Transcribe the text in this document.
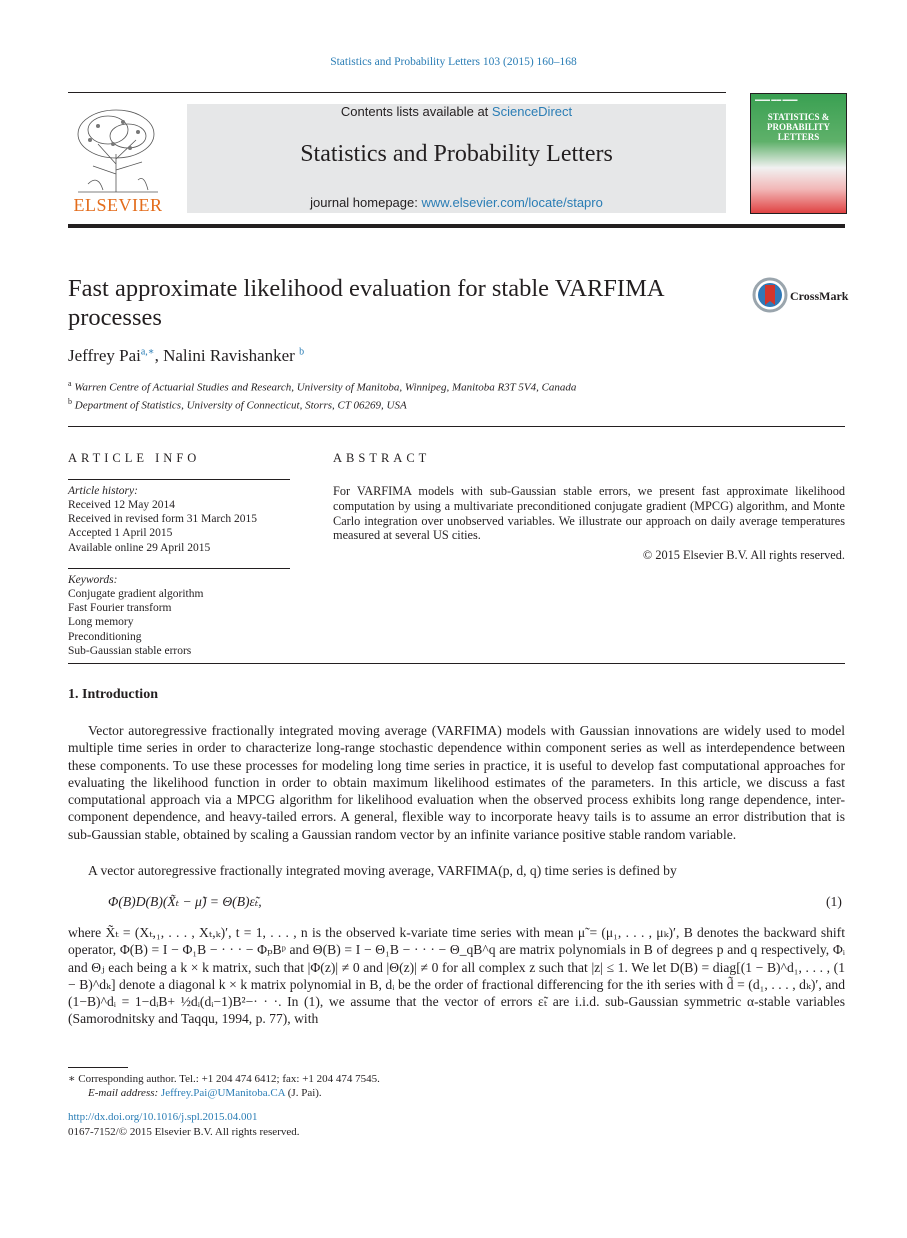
Statistics and Probability Letters 103 (2015) 160–168
Contents lists available at ScienceDirect
Statistics and Probability Letters
journal homepage: www.elsevier.com/locate/stapro
ELSEVIER
▬▬▬ ▬▬ ▬▬▬
STATISTICS &
PROBABILITY
LETTERS
Fast approximate likelihood evaluation for stable VARFIMA
processes
CrossMark
Jeffrey Pai$^{a,∗}$, Nalini Ravishanker $^b$
$^a$ Warren Centre of Actuarial Studies and Research, University of Manitoba, Winnipeg, Manitoba R3T 5V4, Canada
$^b$ Department of Statistics, University of Connecticut, Storrs, CT 06269, USA
ARTICLE INFO	ABSTRACT
Article history:
Received 12 May 2014
Received in revised form 31 March 2015
Accepted 1 April 2015
Available online 29 April 2015
Keywords:
Conjugate gradient algorithm
Fast Fourier transform
Long memory
Preconditioning
Sub-Gaussian stable errors
For VARFIMA models with sub-Gaussian stable errors, we present fast approximate likelihood computation by using a multivariate preconditioned conjugate gradient (MPCG) algorithm, and Monte Carlo integration over unobserved variables. We illustrate our approach on daily average temperatures measured at several US cities.
© 2015 Elsevier B.V. All rights reserved.
1. Introduction
Vector autoregressive fractionally integrated moving average (VARFIMA) models with Gaussian innovations are widely used to model multiple time series in order to characterize long-range stochastic dependence within component series as well as interdependence between these components. To use these processes for modeling long time series in practice, it is useful to develop fast computational approaches for evaluating the likelihood function in order to obtain maximum likelihood estimates of the parameters. In this article, we discuss a fast computational approach via a MPCG algorithm for likelihood evaluation when the observed process exhibits long range dependence, inter-component dependence, and heavy-tailed errors. A general, flexible way to incorporate heavy tails is to assume an error distribution that is sub-Gaussian stable, obtained by scaling a Gaussian random vector by an infinite variance positive stable random variable.
A vector autoregressive fractionally integrated moving average, VARFIMA(p, d, q) time series is defined by
Φ(B)D(B)(X̃ₜ − μ̃) = Θ(B)ε̃ₜ,	(1)
where X̃ₜ = (Xₜ,₁, . . . , Xₜ,ₖ)′, t = 1, . . . , n is the observed k-variate time series with mean μ̃ = (μ₁, . . . , μₖ)′, B denotes the backward shift operator, Φ(B) = I − Φ₁B − · · · − ΦₚBᵖ and Θ(B) = I − Θ₁B − · · · − Θ_qB^q are matrix polynomials in B of degrees p and q respectively, Φᵢ and Θⱼ each being a k × k matrix, such that |Φ(z)| ≠ 0 and |Θ(z)| ≠ 0 for all complex z such that |z| ≤ 1. We let D(B) = diag[(1 − B)^d₁, . . . , (1 − B)^dₖ] denote a diagonal k × k matrix polynomial in B, dᵢ be the order of fractional differencing for the ith series with d̃ = (d₁, . . . , dₖ)′, and (1−B)^dᵢ = 1−dᵢB+ ½dᵢ(dᵢ−1)B²−· · ·. In (1), we assume that the vector of errors ε̃ₜ are i.i.d. sub-Gaussian symmetric α-stable variables (Samorodnitsky and Taqqu, 1994, p. 77), with
∗ Corresponding author. Tel.: +1 204 474 6412; fax: +1 204 474 7545.
E-mail address: Jeffrey.Pai@UManitoba.CA (J. Pai).
http://dx.doi.org/10.1016/j.spl.2015.04.001
0167-7152/© 2015 Elsevier B.V. All rights reserved.
